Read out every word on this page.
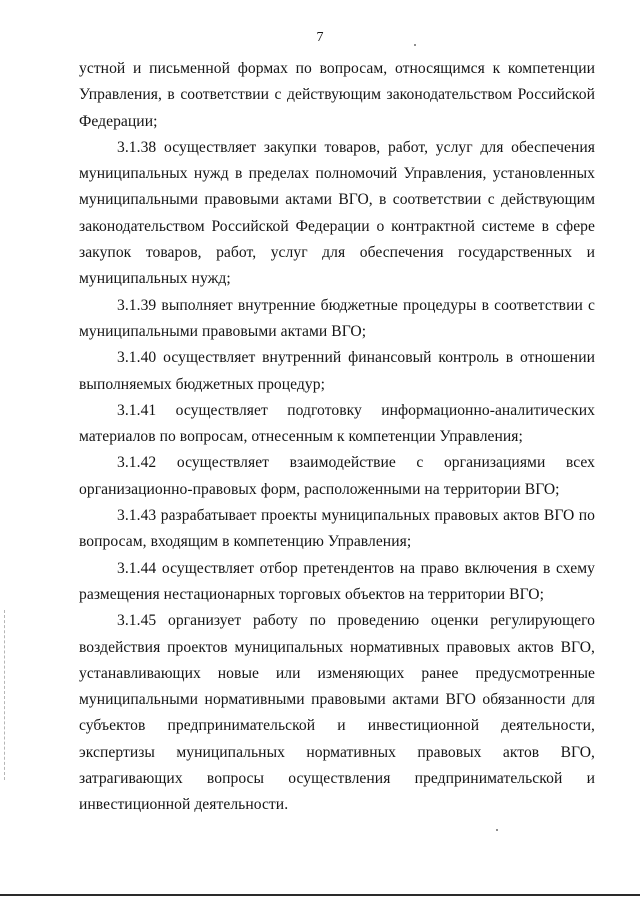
7

устной и письменной формах по вопросам, относящимся к компетенции Управления, в соответствии с действующим законодательством Российской Федерации;

3.1.38 осуществляет закупки товаров, работ, услуг для обеспечения муниципальных нужд в пределах полномочий Управления, установленных муниципальными правовыми актами ВГО, в соответствии с действующим законодательством Российской Федерации о контрактной системе в сфере закупок товаров, работ, услуг для обеспечения государственных и муниципальных нужд;

3.1.39 выполняет внутренние бюджетные процедуры в соответствии с муниципальными правовыми актами ВГО;

3.1.40 осуществляет внутренний финансовый контроль в отношении выполняемых бюджетных процедур;

3.1.41 осуществляет подготовку информационно-аналитических материалов по вопросам, отнесенным к компетенции Управления;

3.1.42 осуществляет взаимодействие с организациями всех организационно-правовых форм, расположенными на территории ВГО;

3.1.43 разрабатывает проекты муниципальных правовых актов ВГО по вопросам, входящим в компетенцию Управления;

3.1.44 осуществляет отбор претендентов на право включения в схему размещения нестационарных торговых объектов на территории ВГО;

3.1.45 организует работу по проведению оценки регулирующего воздействия проектов муниципальных нормативных правовых актов ВГО, устанавливающих новые или изменяющих ранее предусмотренные муниципальными нормативными правовыми актами ВГО обязанности для субъектов предпринимательской и инвестиционной деятельности, экспертизы муниципальных нормативных правовых актов ВГО, затрагивающих вопросы осуществления предпринимательской и инвестиционной деятельности.
